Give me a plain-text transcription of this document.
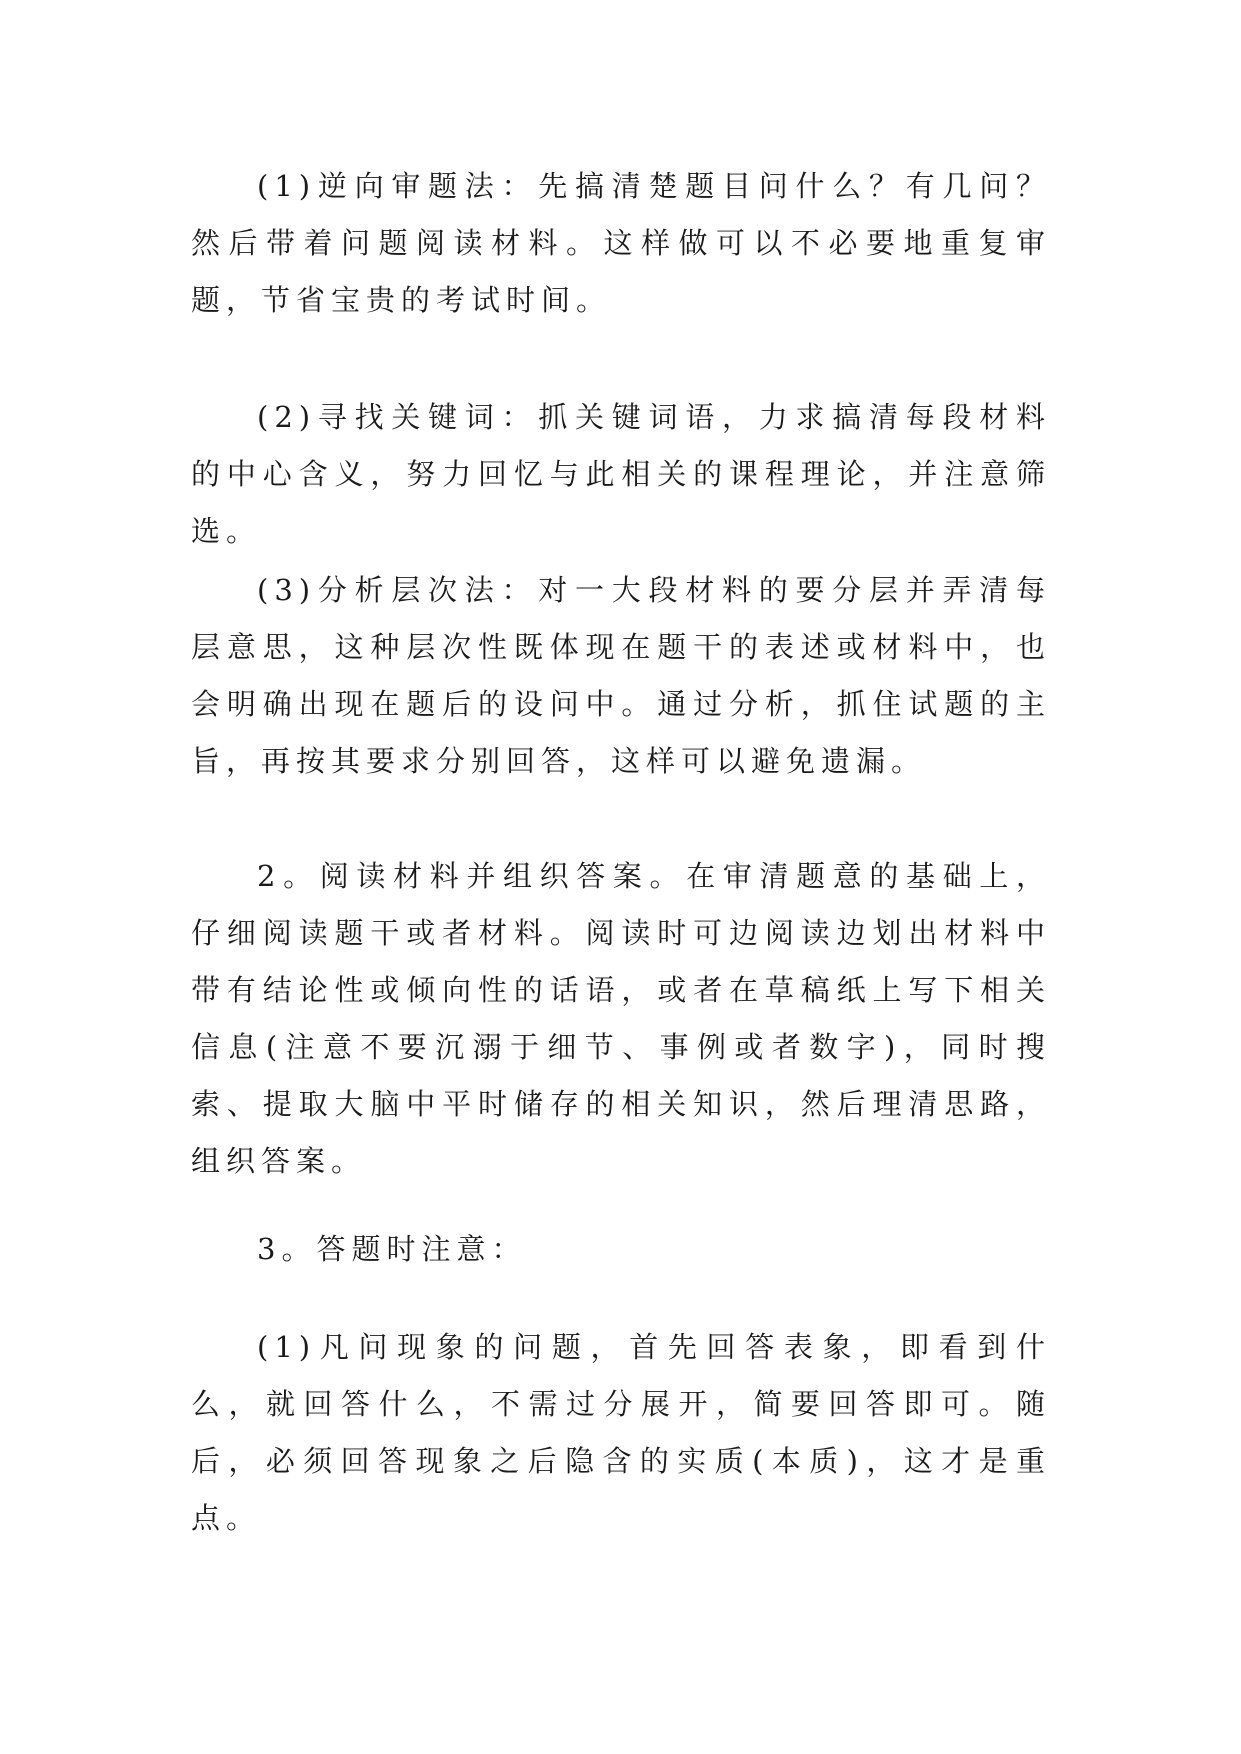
(1)逆向审题法：先搞清楚题目问什么？有几问？然后带着问题阅读材料。这样做可以不必要地重复审题，节省宝贵的考试时间。

(2)寻找关键词：抓关键词语，力求搞清每段材料的中心含义，努力回忆与此相关的课程理论，并注意筛选。

(3)分析层次法：对一大段材料的要分层并弄清每层意思，这种层次性既体现在题干的表述或材料中，也会明确出现在题后的设问中。通过分析，抓住试题的主旨，再按其要求分别回答，这样可以避免遗漏。

2。阅读材料并组织答案。在审清题意的基础上，仔细阅读题干或者材料。阅读时可边阅读边划出材料中带有结论性或倾向性的话语，或者在草稿纸上写下相关信息(注意不要沉溺于细节、事例或者数字)，同时搜索、提取大脑中平时储存的相关知识，然后理清思路，组织答案。

3。答题时注意：

(1)凡问现象的问题，首先回答表象，即看到什么，就回答什么，不需过分展开，简要回答即可。随后，必须回答现象之后隐含的实质(本质)，这才是重点。
